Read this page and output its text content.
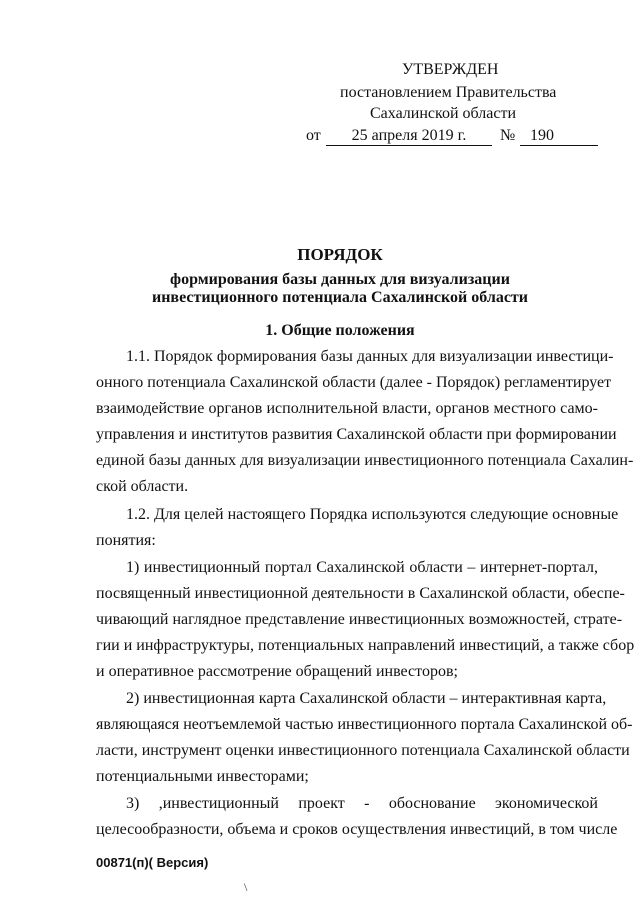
УТВЕРЖДЕН
постановлением Правительства
Сахалинской области
от	25 апреля 2019 г.	№ 190
ПОРЯДОК
формирования базы данных для визуализации
инвестиционного потенциала Сахалинской области
1. Общие положения
1.1. Порядок формирования базы данных для визуализации инвестици-
онного потенциала Сахалинской области (далее - Порядок) регламентирует
взаимодействие органов исполнительной власти, органов местного само-
управления и институтов развития Сахалинской области при формировании
единой базы данных для визуализации инвестиционного потенциала Сахалин-
ской области.
1.2. Для целей настоящего Порядка используются следующие основные
понятия:
1) инвестиционный портал Сахалинской области – интернет-портал,
посвященный инвестиционной деятельности в Сахалинской области, обеспе-
чивающий наглядное представление инвестиционных возможностей, страте-
гии и инфраструктуры, потенциальных направлений инвестиций, а также сбор
и оперативное рассмотрение обращений инвесторов;
2) инвестиционная карта Сахалинской области – интерактивная карта,
являющаяся неотъемлемой частью инвестиционного портала Сахалинской об-
ласти, инструмент оценки инвестиционного потенциала Сахалинской области
потенциальными инвесторами;
3)    ,инвестиционный    проект    -    обоснование    экономической
целесообразности, объема и сроков осуществления инвестиций, в том числе
00871(п)( Версия)
\
